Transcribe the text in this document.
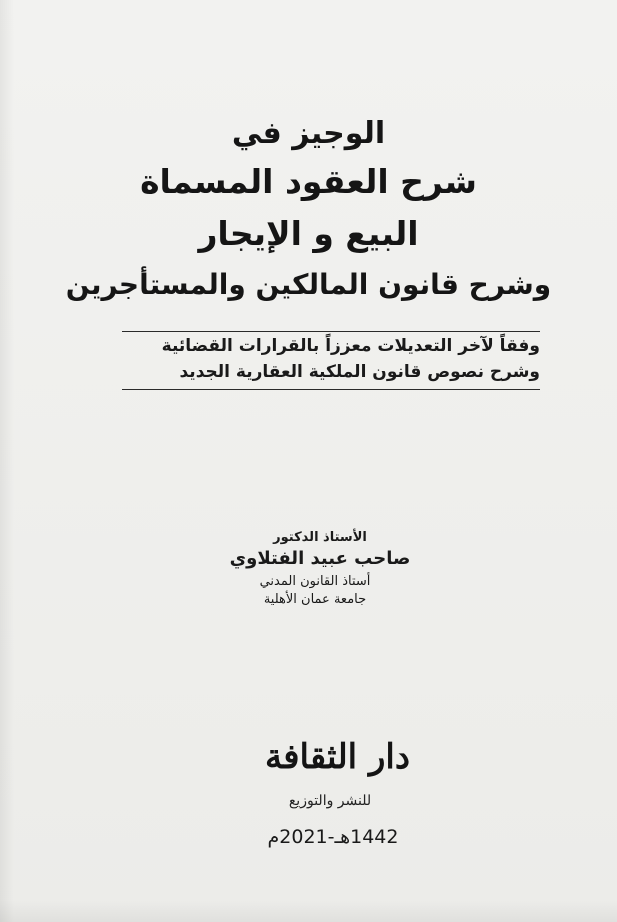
الوجيز في
شرح العقود المسماة
البيع و الإيجار
وشرح قانون المالكين والمستأجرين
وفقاً لآخر التعديلات معززاً بالقرارات القضائية
وشرح نصوص قانون الملكية العقارية الجديد
الأستاذ الدكتور
صاحب عبيد الفتلاوي
أستاذ القانون المدني
جامعة عمان الأهلية
دار الثقافة
للنشر والتوزيع
1442هـ-2021م
